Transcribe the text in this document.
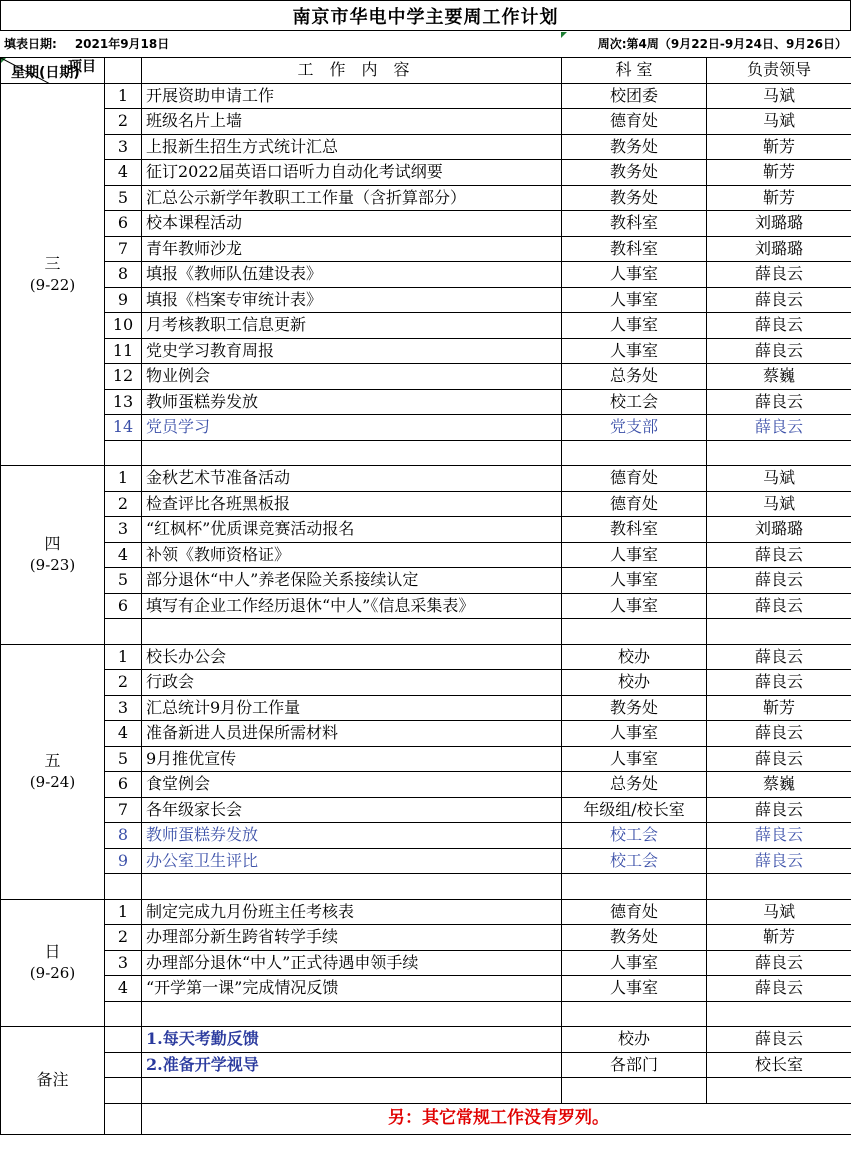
南京市华电中学主要周工作计划
填表日期: 2021年9月18日	周次:第4周（9月22日-9月24日、9月26日）
项目
星期(日期)		工　作　内　容	科 室	负责领导

三
(9-22)	1	开展资助申请工作	校团委	马斌
	2	班级名片上墙	德育处	马斌
	3	上报新生招生方式统计汇总	教务处	靳芳
	4	征订2022届英语口语听力自动化考试纲要	教务处	靳芳
	5	汇总公示新学年教职工工作量（含折算部分）	教务处	靳芳
	6	校本课程活动	教科室	刘璐璐
	7	青年教师沙龙	教科室	刘璐璐
	8	填报《教师队伍建设表》	人事室	薛良云
	9	填报《档案专审统计表》	人事室	薛良云
	10	月考核教职工信息更新	人事室	薛良云
	11	党史学习教育周报	人事室	薛良云
	12	物业例会	总务处	蔡巍
	13	教师蛋糕券发放	校工会	薛良云
	14	党员学习	党支部	薛良云

四
(9-23)	1	金秋艺术节准备活动	德育处	马斌
	2	检查评比各班黑板报	德育处	马斌
	3	“红枫杯”优质课竞赛活动报名	教科室	刘璐璐
	4	补领《教师资格证》	人事室	薛良云
	5	部分退休“中人”养老保险关系接续认定	人事室	薛良云
	6	填写有企业工作经历退休“中人”《信息采集表》	人事室	薛良云

五
(9-24)	1	校长办公会	校办	薛良云
	2	行政会	校办	薛良云
	3	汇总统计9月份工作量	教务处	靳芳
	4	准备新进人员进保所需材料	人事室	薛良云
	5	9月推优宣传	人事室	薛良云
	6	食堂例会	总务处	蔡巍
	7	各年级家长会	年级组/校长室	薛良云
	8	教师蛋糕券发放	校工会	薛良云
	9	办公室卫生评比	校工会	薛良云

日
(9-26)	1	制定完成九月份班主任考核表	德育处	马斌
	2	办理部分新生跨省转学手续	教务处	靳芳
	3	办理部分退休“中人”正式待遇申领手续	人事室	薛良云
	4	“开学第一课”完成情况反馈	人事室	薛良云

备注		1.每天考勤反馈	校办	薛良云
		2.准备开学视导	各部门	校长室

		另：其它常规工作没有罗列。		
